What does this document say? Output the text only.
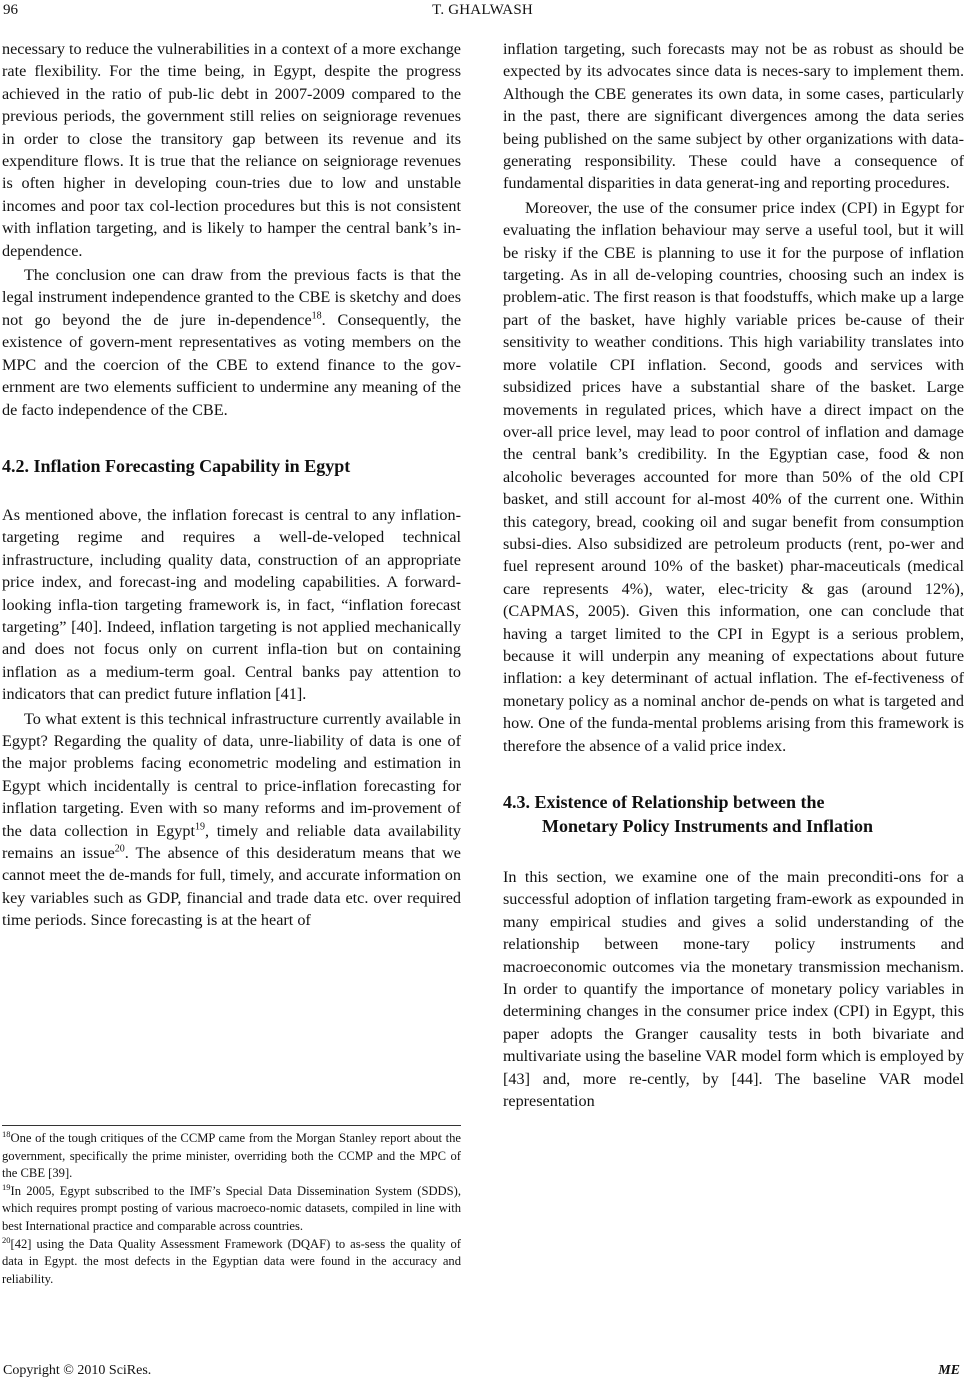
96	T. GHALWASH

necessary to reduce the vulnerabilities in a context of a more exchange rate flexibility. For the time being, in Egypt, despite the progress achieved in the ratio of pub-lic debt in 2007-2009 compared to the previous periods, the government still relies on seigniorage revenues in order to close the transitory gap between its revenue and its expenditure flows. It is true that the reliance on seigniorage revenues is often higher in developing coun-tries due to low and unstable incomes and poor tax col-lection procedures but this is not consistent with inflation targeting, and is likely to hamper the central bank’s in-dependence.

The conclusion one can draw from the previous facts is that the legal instrument independence granted to the CBE is sketchy and does not go beyond the de jure in-dependence$^{18}$. Consequently, the existence of govern-ment representatives as voting members on the MPC and the coercion of the CBE to extend finance to the gov-ernment are two elements sufficient to undermine any meaning of the de facto independence of the CBE.

4.2. Inflation Forecasting Capability in Egypt

As mentioned above, the inflation forecast is central to any inflation-targeting regime and requires a well-de-veloped technical infrastructure, including quality data, construction of an appropriate price index, and forecast-ing and modeling capabilities. A forward-looking infla-tion targeting framework is, in fact, “inflation forecast targeting” [40]. Indeed, inflation targeting is not applied mechanically and does not focus only on current infla-tion but on containing inflation as a medium-term goal. Central banks pay attention to indicators that can predict future inflation [41].

To what extent is this technical infrastructure currently available in Egypt? Regarding the quality of data, unre-liability of data is one of the major problems facing econometric modeling and estimation in Egypt which incidentally is central to price-inflation forecasting for inflation targeting. Even with so many reforms and im-provement of the data collection in Egypt$^{19}$, timely and reliable data availability remains an issue$^{20}$. The absence of this desideratum means that we cannot meet the de-mands for full, timely, and accurate information on key variables such as GDP, financial and trade data etc. over required time periods. Since forecasting is at the heart of

$^{18}$One of the tough critiques of the CCMP came from the Morgan Stanley report about the government, specifically the prime minister, overriding both the CCMP and the MPC of the CBE [39].

$^{19}$In 2005, Egypt subscribed to the IMF’s Special Data Dissemination System (SDDS), which requires prompt posting of various macroeco-nomic datasets, compiled in line with best International practice and comparable across countries.

$^{20}$[42] using the Data Quality Assessment Framework (DQAF) to as-sess the quality of data in Egypt. the most defects in the Egyptian data were found in the accuracy and reliability.

inflation targeting, such forecasts may not be as robust as should be expected by its advocates since data is neces-sary to implement them. Although the CBE generates its own data, in some cases, particularly in the past, there are significant divergences among the data series being published on the same subject by other organizations with data-generating responsibility. These could have a consequence of fundamental disparities in data generat-ing and reporting procedures.

Moreover, the use of the consumer price index (CPI) in Egypt for evaluating the inflation behaviour may serve a useful tool, but it will be risky if the CBE is planning to use it for the purpose of inflation targeting. As in all de-veloping countries, choosing such an index is problem-atic. The first reason is that foodstuffs, which make up a large part of the basket, have highly variable prices be-cause of their sensitivity to weather conditions. This high variability translates into more volatile CPI inflation. Second, goods and services with subsidized prices have a substantial share of the basket. Large movements in regulated prices, which have a direct impact on the over-all price level, may lead to poor control of inflation and damage the central bank’s credibility. In the Egyptian case, food & non alcoholic beverages accounted for more than 50% of the old CPI basket, and still account for al-most 40% of the current one. Within this category, bread, cooking oil and sugar benefit from consumption subsi-dies. Also subsidized are petroleum products (rent, po-wer and fuel represent around 10% of the basket) phar-maceuticals (medical care represents 4%), water, elec-tricity & gas (around 12%), (CAPMAS, 2005). Given this information, one can conclude that having a target limited to the CPI in Egypt is a serious problem, because it will underpin any meaning of expectations about future inflation: a key determinant of actual inflation. The ef-fectiveness of monetary policy as a nominal anchor de-pends on what is targeted and how. One of the funda-mental problems arising from this framework is therefore the absence of a valid price index.

4.3. Existence of Relationship between the
Monetary Policy Instruments and Inflation

In this section, we examine one of the main preconditi-ons for a successful adoption of inflation targeting fram-ework as expounded in many empirical studies and gives a solid understanding of the relationship between mone-tary policy instruments and macroeconomic outcomes via the monetary transmission mechanism. In order to quantify the importance of monetary policy variables in determining changes in the consumer price index (CPI) in Egypt, this paper adopts the Granger causality tests in both bivariate and multivariate using the baseline VAR model form which is employed by [43] and, more re-cently, by [44]. The baseline VAR model representation

Copyright © 2010 SciRes.	ME
